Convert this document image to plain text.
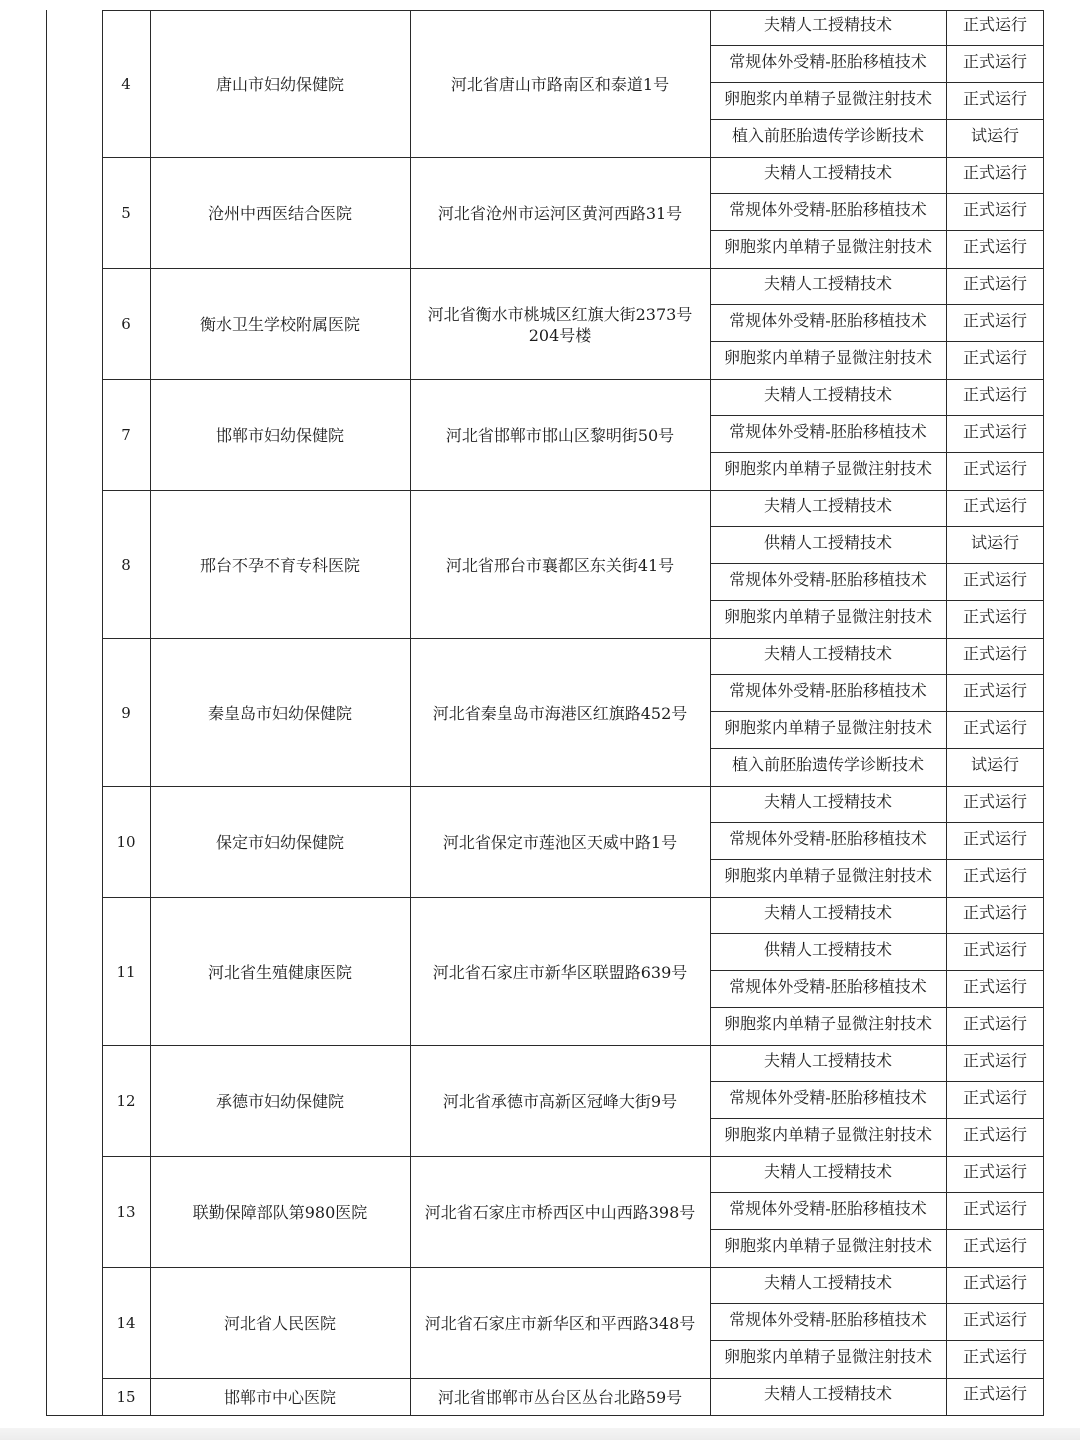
4	唐山市妇幼保健院	河北省唐山市路南区和泰道1号
夫精人工授精技术	正式运行
常规体外受精-胚胎移植技术	正式运行
卵胞浆内单精子显微注射技术	正式运行
植入前胚胎遗传学诊断技术	试运行
5	沧州中西医结合医院	河北省沧州市运河区黄河西路31号
夫精人工授精技术	正式运行
常规体外受精-胚胎移植技术	正式运行
卵胞浆内单精子显微注射技术	正式运行
6	衡水卫生学校附属医院
河北省衡水市桃城区红旗大街2373号204号楼
夫精人工授精技术	正式运行
常规体外受精-胚胎移植技术	正式运行
卵胞浆内单精子显微注射技术	正式运行
7	邯郸市妇幼保健院	河北省邯郸市邯山区黎明街50号
夫精人工授精技术	正式运行
常规体外受精-胚胎移植技术	正式运行
卵胞浆内单精子显微注射技术	正式运行
8	邢台不孕不育专科医院	河北省邢台市襄都区东关街41号
夫精人工授精技术	正式运行
供精人工授精技术	试运行
常规体外受精-胚胎移植技术	正式运行
卵胞浆内单精子显微注射技术	正式运行
9	秦皇岛市妇幼保健院	河北省秦皇岛市海港区红旗路452号
夫精人工授精技术	正式运行
常规体外受精-胚胎移植技术	正式运行
卵胞浆内单精子显微注射技术	正式运行
植入前胚胎遗传学诊断技术	试运行
10	保定市妇幼保健院	河北省保定市莲池区天威中路1号
夫精人工授精技术	正式运行
常规体外受精-胚胎移植技术	正式运行
卵胞浆内单精子显微注射技术	正式运行
11	河北省生殖健康医院	河北省石家庄市新华区联盟路639号
夫精人工授精技术	正式运行
供精人工授精技术	正式运行
常规体外受精-胚胎移植技术	正式运行
卵胞浆内单精子显微注射技术	正式运行
12	承德市妇幼保健院	河北省承德市高新区冠峰大街9号
夫精人工授精技术	正式运行
常规体外受精-胚胎移植技术	正式运行
卵胞浆内单精子显微注射技术	正式运行
13	联勤保障部队第980医院	河北省石家庄市桥西区中山西路398号
夫精人工授精技术	正式运行
常规体外受精-胚胎移植技术	正式运行
卵胞浆内单精子显微注射技术	正式运行
14	河北省人民医院	河北省石家庄市新华区和平西路348号
夫精人工授精技术	正式运行
常规体外受精-胚胎移植技术	正式运行
卵胞浆内单精子显微注射技术	正式运行
15	邯郸市中心医院	河北省邯郸市丛台区丛台北路59号	夫精人工授精技术	正式运行
